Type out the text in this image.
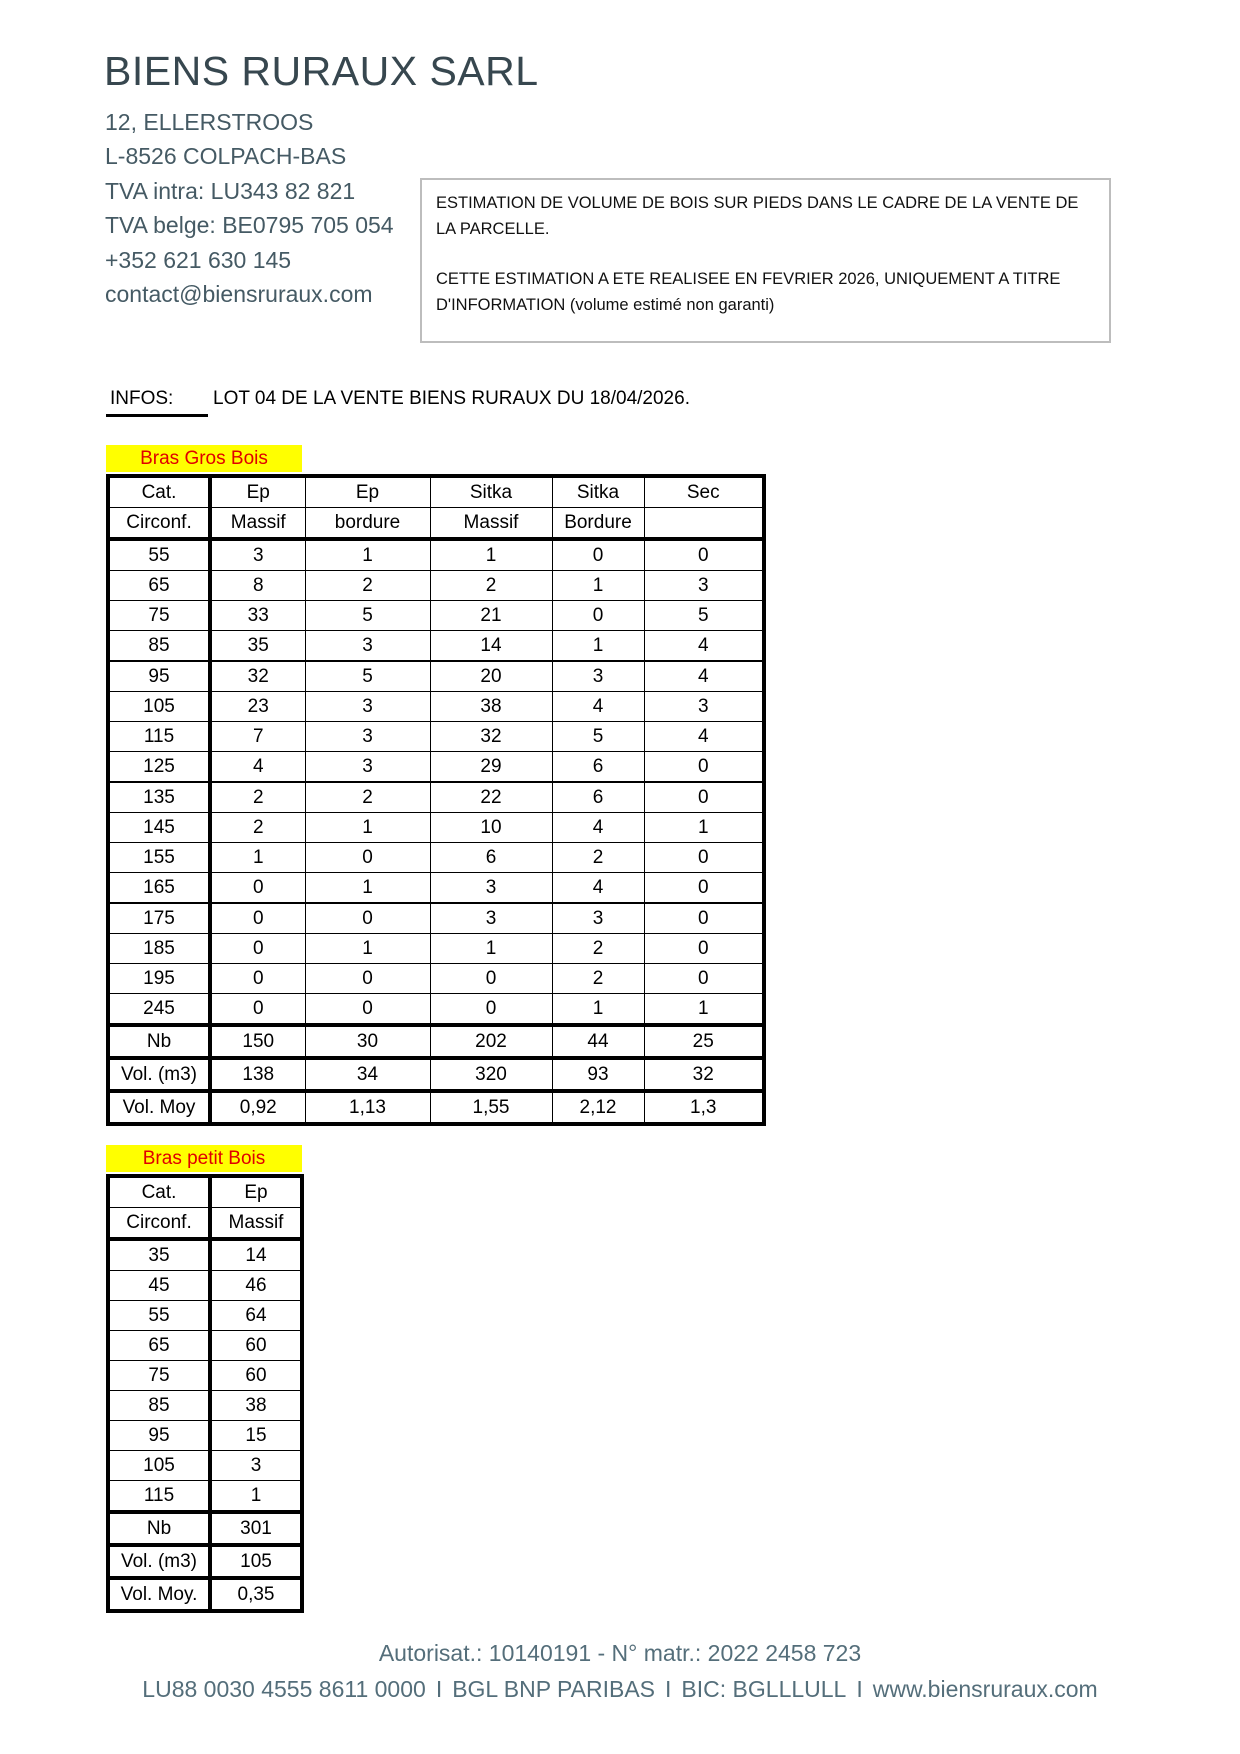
BIENS RURAUX SARL
12, ELLERSTROOS
L-8526 COLPACH-BAS
TVA intra: LU343 82 821
TVA belge: BE0795 705 054
+352 621 630 145
contact@biensruraux.com

ESTIMATION DE VOLUME DE BOIS SUR PIEDS DANS LE CADRE DE LA VENTE DE LA PARCELLE.

CETTE ESTIMATION A ETE REALISEE EN FEVRIER 2026, UNIQUEMENT A TITRE D'INFORMATION (volume estimé non garanti)

INFOS: LOT 04 DE LA VENTE BIENS RURAUX DU 18/04/2026.
Bras Gros Bois
Cat.	Ep	Ep	Sitka	Sitka	Sec
Circonf.	Massif	bordure	Massif	Bordure	
55	3	1	1	0	0
65	8	2	2	1	3
75	33	5	21	0	5
85	35	3	14	1	4
95	32	5	20	3	4
105	23	3	38	4	3
115	7	3	32	5	4
125	4	3	29	6	0
135	2	2	22	6	0
145	2	1	10	4	1
155	1	0	6	2	0
165	0	1	3	4	0
175	0	0	3	3	0
185	0	1	1	2	0
195	0	0	0	2	0
245	0	0	0	1	1
Nb	150	30	202	44	25
Vol. (m3)	138	34	320	93	32
Vol. Moy	0,92	1,13	1,55	2,12	1,3
Bras petit Bois
Cat.	Ep
Circonf.	Massif
35	14
45	46
55	64
65	60
75	60
85	38
95	15
105	3
115	1
Nb	301
Vol. (m3)	105
Vol. Moy.	0,35
Autorisat.: 10140191 - N° matr.: 2022 2458 723
LU88 0030 4555 8611 0000 I BGL BNP PARIBAS I BIC: BGLLLULL I www.biensruraux.com
